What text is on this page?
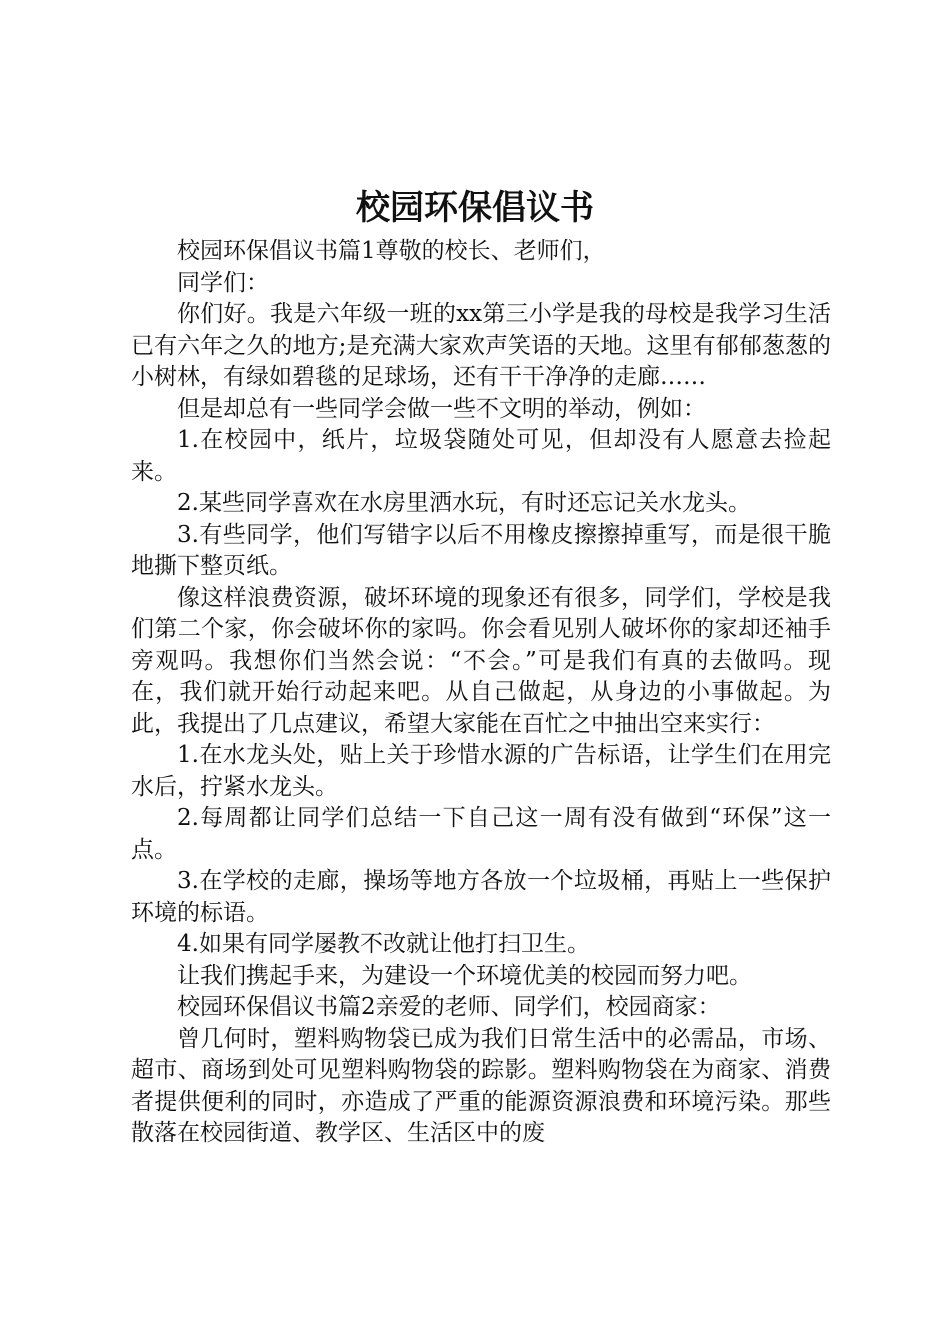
校园环保倡议书

校园环保倡议书篇1尊敬的校长、老师们，

同学们：

你们好。我是六年级一班的xx第三小学是我的母校是我学习生活已有六年之久的地方;是充满大家欢声笑语的天地。这里有郁郁葱葱的小树林，有绿如碧毯的足球场，还有干干净净的走廊……

但是却总有一些同学会做一些不文明的举动，例如：

1.在校园中，纸片，垃圾袋随处可见，但却没有人愿意去捡起来。

2.某些同学喜欢在水房里洒水玩，有时还忘记关水龙头。

3.有些同学，他们写错字以后不用橡皮擦擦掉重写，而是很干脆地撕下整页纸。

像这样浪费资源，破坏环境的现象还有很多，同学们，学校是我们第二个家，你会破坏你的家吗。你会看见别人破坏你的家却还袖手旁观吗。我想你们当然会说：“不会。”可是我们有真的去做吗。现在，我们就开始行动起来吧。从自己做起，从身边的小事做起。为此，我提出了几点建议，希望大家能在百忙之中抽出空来实行：

1.在水龙头处，贴上关于珍惜水源的广告标语，让学生们在用完水后，拧紧水龙头。

2.每周都让同学们总结一下自己这一周有没有做到“环保”这一点。

3.在学校的走廊，操场等地方各放一个垃圾桶，再贴上一些保护环境的标语。

4.如果有同学屡教不改就让他打扫卫生。

让我们携起手来，为建设一个环境优美的校园而努力吧。

校园环保倡议书篇2亲爱的老师、同学们，校园商家：

曾几何时，塑料购物袋已成为我们日常生活中的必需品，市场、超市、商场到处可见塑料购物袋的踪影。塑料购物袋在为商家、消费者提供便利的同时，亦造成了严重的能源资源浪费和环境污染。那些散落在校园街道、教学区、生活区中的废
